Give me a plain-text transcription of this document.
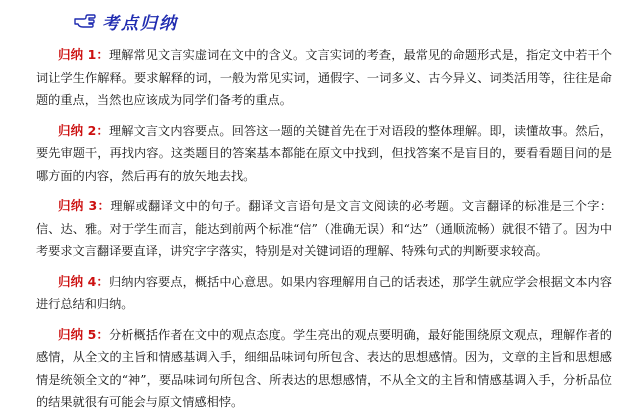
考点归纳

归纳 1：理解常见文言实虚词在文中的含义。文言实词的考查，最常见的命题形式是，指定文中若干个词让学生作解释。要求解释的词，一般为常见实词，通假字、一词多义、古今异义、词类活用等，往往是命题的重点，当然也应该成为同学们备考的重点。

归纳 2：理解文言文内容要点。回答这一题的关键首先在于对语段的整体理解。即，读懂故事。然后，要先审题干，再找内容。这类题目的答案基本都能在原文中找到，但找答案不是盲目的，要看看题目问的是哪方面的内容，然后再有的放矢地去找。

归纳 3：理解或翻译文中的句子。翻译文言语句是文言文阅读的必考题。文言翻译的标准是三个字：信、达、雅。对于学生而言，能达到前两个标准“信”（准确无误）和“达”（通顺流畅）就很不错了。因为中考要求文言翻译要直译，讲究字字落实，特别是对关键词语的理解、特殊句式的判断要求较高。

归纳 4：归纳内容要点，概括中心意思。如果内容理解用自己的话表述，那学生就应学会根据文本内容进行总结和归纳。

归纳 5：分析概括作者在文中的观点态度。学生亮出的观点要明确，最好能围绕原文观点，理解作者的感情，从全文的主旨和情感基调入手，细细品味词句所包含、表达的思想感情。因为，文章的主旨和思想感情是统领全文的“神”，要品味词句所包含、所表达的思想感情，不从全文的主旨和情感基调入手，分析品位的结果就很有可能会与原文情感相悖。
